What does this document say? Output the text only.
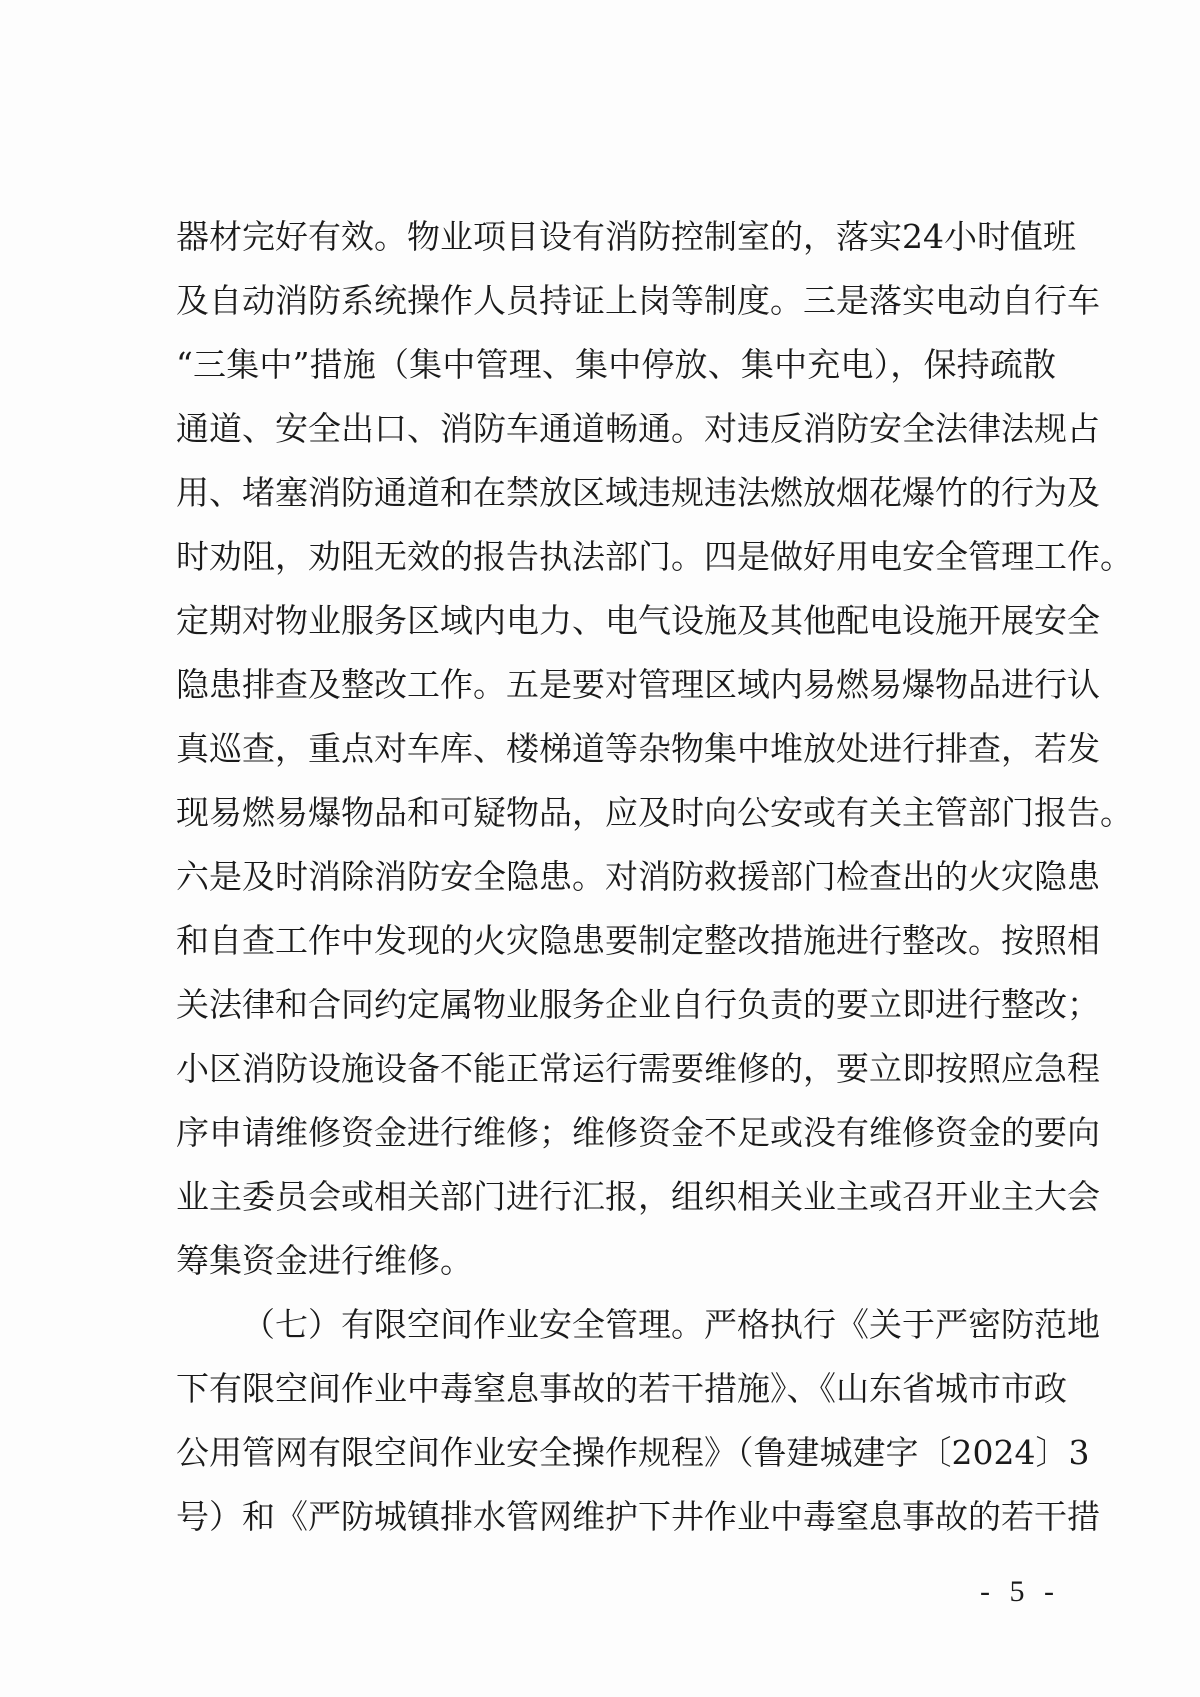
器材完好有效。物业项目设有消防控制室的，落实24小时值班
及自动消防系统操作人员持证上岗等制度。三是落实电动自行车
“三集中”措施（集中管理、集中停放、集中充电），保持疏散
通道、安全出口、消防车通道畅通。对违反消防安全法律法规占
用、堵塞消防通道和在禁放区域违规违法燃放烟花爆竹的行为及
时劝阻，劝阻无效的报告执法部门。四是做好用电安全管理工作。
定期对物业服务区域内电力、电气设施及其他配电设施开展安全
隐患排查及整改工作。五是要对管理区域内易燃易爆物品进行认
真巡查，重点对车库、楼梯道等杂物集中堆放处进行排查，若发
现易燃易爆物品和可疑物品，应及时向公安或有关主管部门报告。
六是及时消除消防安全隐患。对消防救援部门检查出的火灾隐患
和自查工作中发现的火灾隐患要制定整改措施进行整改。按照相
关法律和合同约定属物业服务企业自行负责的要立即进行整改；
小区消防设施设备不能正常运行需要维修的，要立即按照应急程
序申请维修资金进行维修；维修资金不足或没有维修资金的要向
业主委员会或相关部门进行汇报，组织相关业主或召开业主大会
筹集资金进行维修。
（七）有限空间作业安全管理。严格执行《关于严密防范地
下有限空间作业中毒窒息事故的若干措施》、《山东省城市市政
公用管网有限空间作业安全操作规程》（鲁建城建字〔2024〕3
号）和《严防城镇排水管网维护下井作业中毒窒息事故的若干措
- 5 -
